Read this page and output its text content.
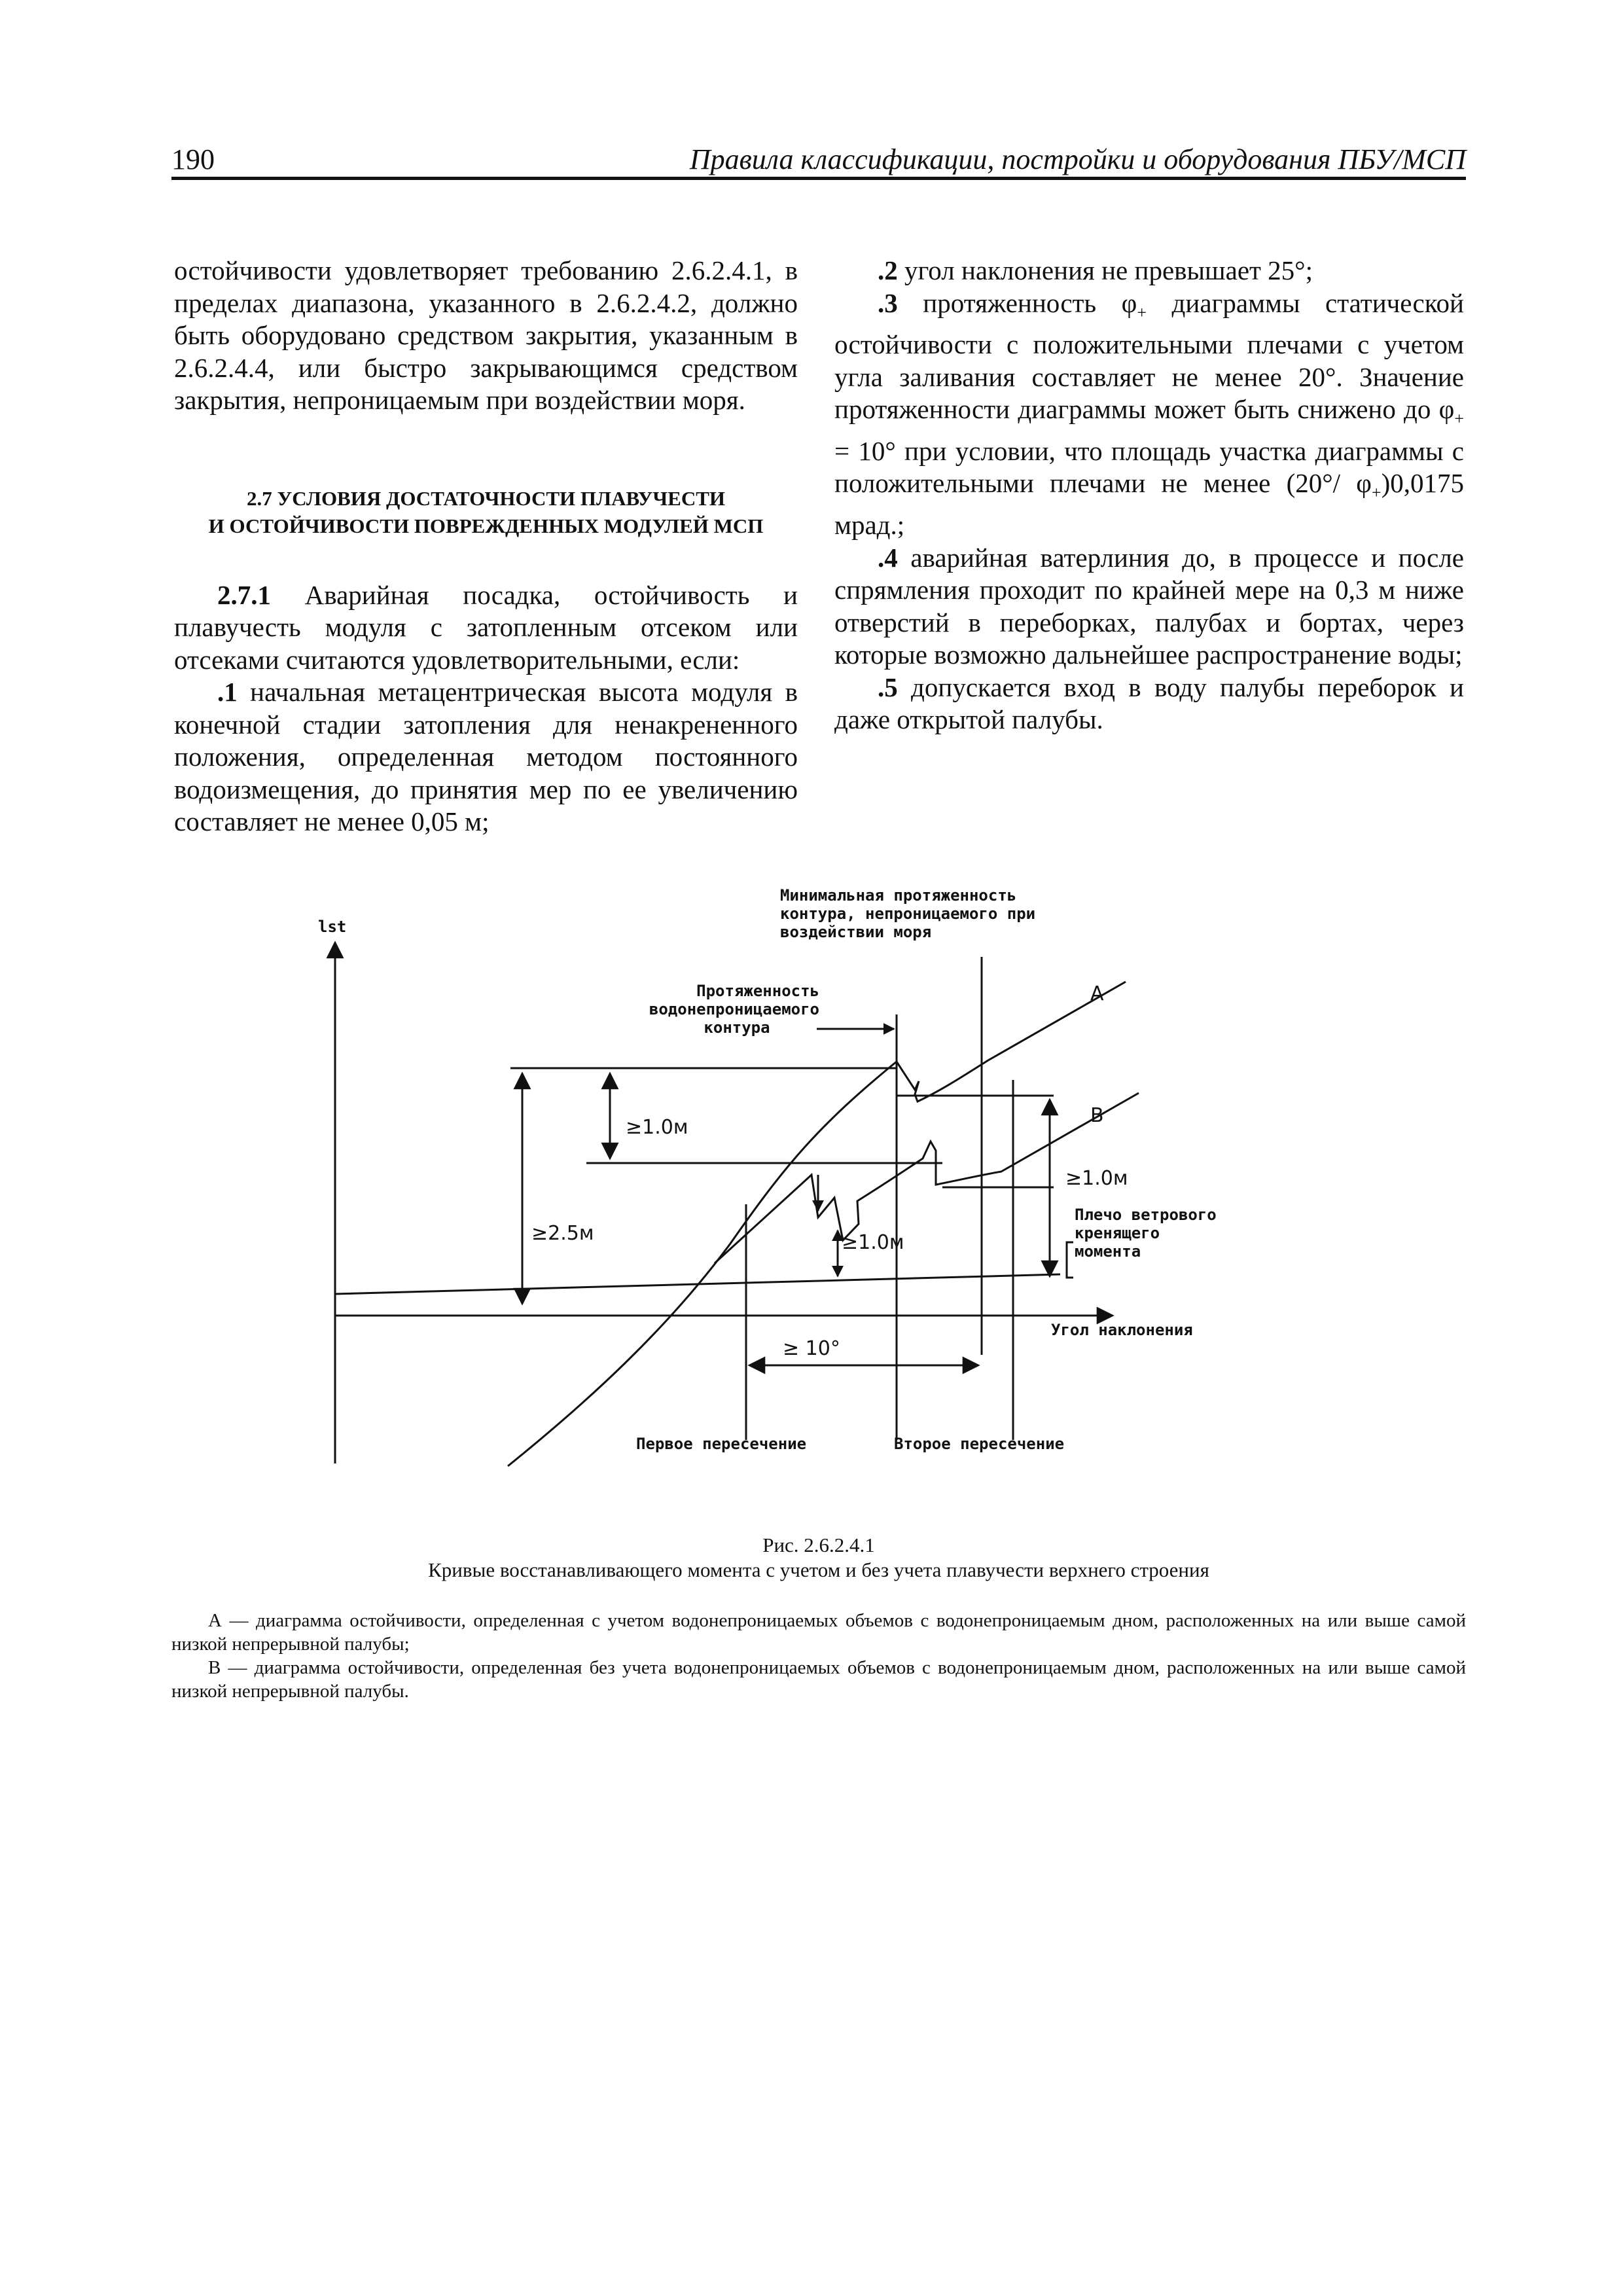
190	Правила классификации, постройки и оборудования ПБУ/МСП

остойчивости удовлетворяет требованию 2.6.2.4.1, в пределах диапазона, указанного в 2.6.2.4.2, должно быть оборудовано средством закрытия, указанным в 2.6.2.4.4, или быстро закрывающимся средством закрытия, непроницаемым при воздействии моря.

2.7 УСЛОВИЯ ДОСТАТОЧНОСТИ ПЛАВУЧЕСТИ
И ОСТОЙЧИВОСТИ ПОВРЕЖДЕННЫХ МОДУЛЕЙ МСП

2.7.1 Аварийная посадка, остойчивость и плавучесть модуля с затопленным отсеком или отсеками считаются удовлетворительными, если:

.1 начальная метацентрическая высота модуля в конечной стадии затопления для ненакрененного положения, определенная методом постоянного водоизмещения, до принятия мер по ее увеличению составляет не менее 0,05 м;

.2 угол наклонения не превышает 25°;

.3 протяженность $\varphi_+$ диаграммы статической остойчивости с положительными плечами с учетом угла заливания составляет не менее 20°. Значение протяженности диаграммы может быть снижено до $\varphi_+ = 10^\circ$ при условии, что площадь участка диаграммы с положительными плечами не менее (20°/ $\varphi_+)0,0175$ мрад.;

.4 аварийная ватерлиния до, в процессе и после спрямления проходит по крайней мере на 0,3 м ниже отверстий в переборках, палубах и бортах, через которые возможно дальнейшее распространение воды;

.5 допускается вход в воду палубы переборок и даже открытой палубы.

lst
Угол наклонения
Минимальная протяженность
контура, непроницаемого при
воздействии моря
Протяженность
водонепроницаемого
контура
A
B
≥1.0м
≥2.5м	≥1.0м
≥1.0м
Плечо ветрового
кренящего
момента
≥ 10°
Первое пересечение	Второе пересечение
Рис. 2.6.2.4.1
Кривые восстанавливающего момента с учетом и без учета плавучести верхнего строения

А — диаграмма остойчивости, определенная с учетом водонепроницаемых объемов с водонепроницаемым дном, расположенных на или выше самой низкой непрерывной палубы;

В — диаграмма остойчивости, определенная без учета водонепроницаемых объемов с водонепроницаемым дном, расположенных на или выше самой низкой непрерывной палубы.
